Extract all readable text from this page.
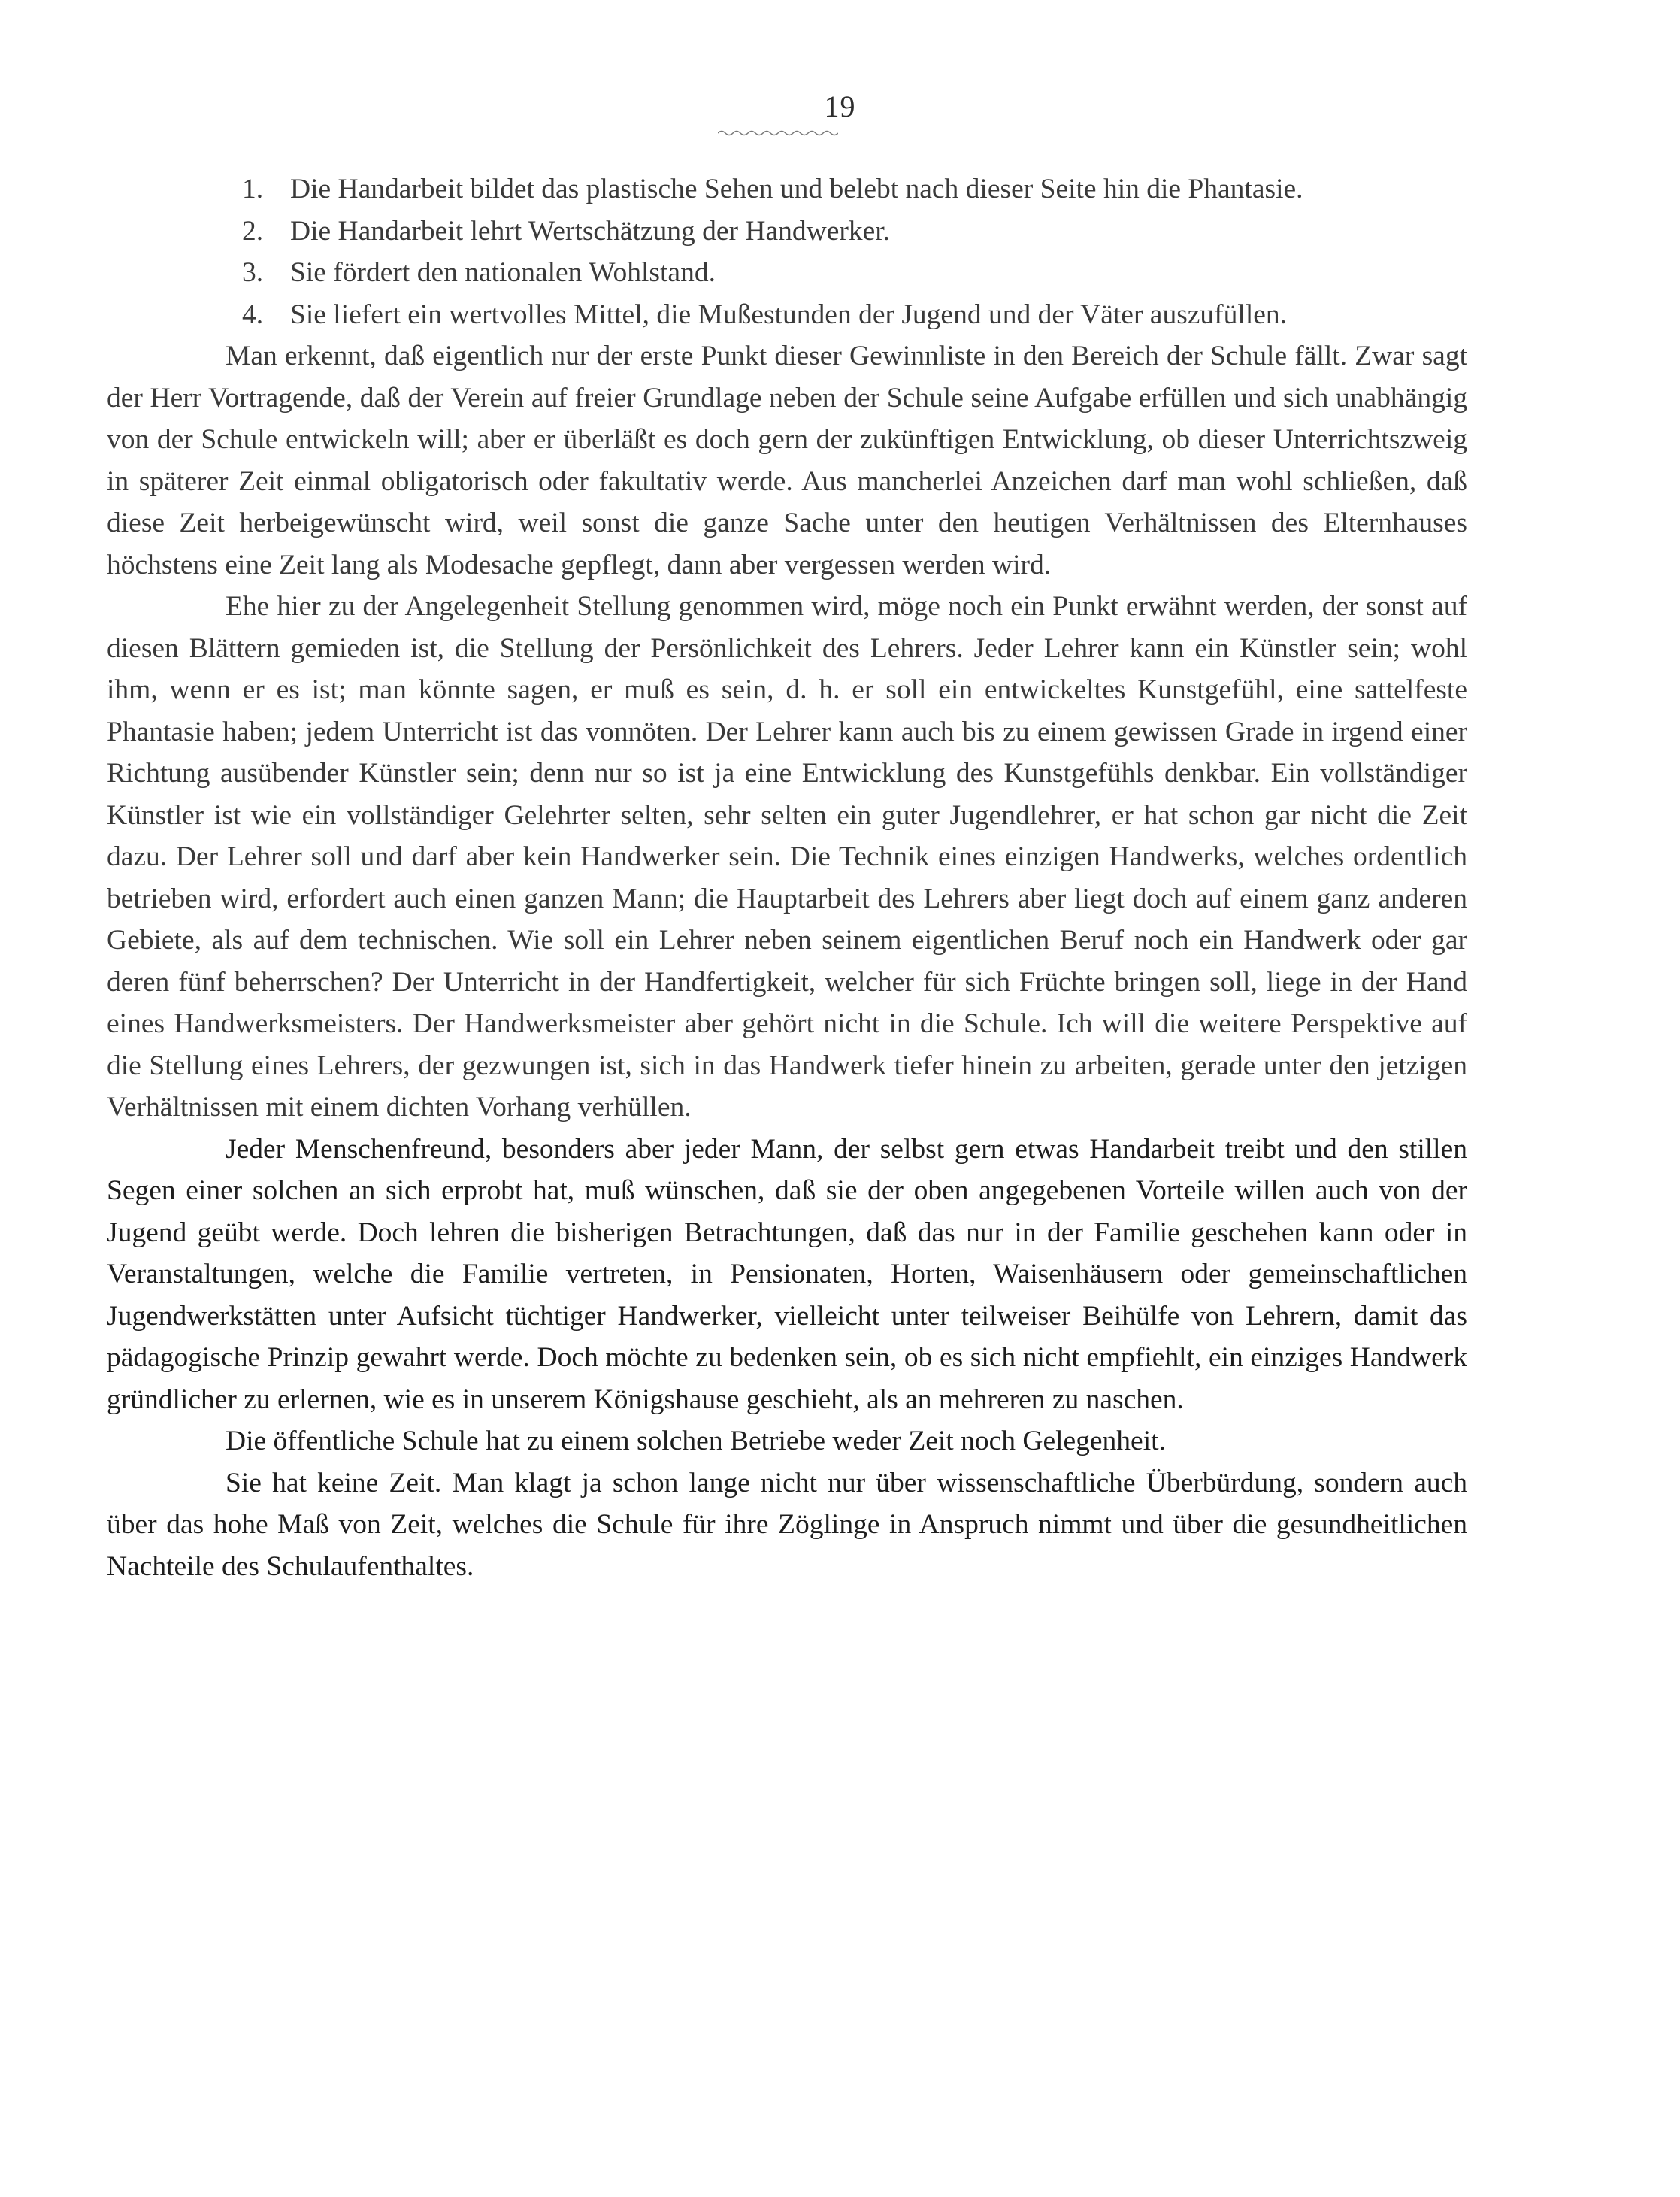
19
1. Die Handarbeit bildet das plastische Sehen und belebt nach dieser Seite hin die Phantasie.
2. Die Handarbeit lehrt Wertschätzung der Handwerker.
3. Sie fördert den nationalen Wohlstand.
4. Sie liefert ein wertvolles Mittel, die Mußestunden der Jugend und der Väter auszufüllen.

Man erkennt, daß eigentlich nur der erste Punkt dieser Gewinnliste in den Bereich der Schule fällt. Zwar sagt der Herr Vortragende, daß der Verein auf freier Grundlage neben der Schule seine Aufgabe erfüllen und sich unabhängig von der Schule entwickeln will; aber er überläßt es doch gern der zukünftigen Entwicklung, ob dieser Unterrichtszweig in späterer Zeit einmal obligatorisch oder fakultativ werde. Aus mancherlei Anzeichen darf man wohl schließen, daß diese Zeit herbeigewünscht wird, weil sonst die ganze Sache unter den heutigen Verhältnissen des Elternhauses höchstens eine Zeit lang als Modesache gepflegt, dann aber vergessen werden wird.

Ehe hier zu der Angelegenheit Stellung genommen wird, möge noch ein Punkt erwähnt werden, der sonst auf diesen Blättern gemieden ist, die Stellung der Persönlichkeit des Lehrers. Jeder Lehrer kann ein Künstler sein; wohl ihm, wenn er es ist; man könnte sagen, er muß es sein, d. h. er soll ein entwickeltes Kunstgefühl, eine sattelfeste Phantasie haben; jedem Unterricht ist das vonnöten. Der Lehrer kann auch bis zu einem gewissen Grade in irgend einer Richtung ausübender Künstler sein; denn nur so ist ja eine Entwicklung des Kunstgefühls denkbar. Ein vollständiger Künstler ist wie ein vollständiger Gelehrter selten, sehr selten ein guter Jugendlehrer, er hat schon gar nicht die Zeit dazu. Der Lehrer soll und darf aber kein Handwerker sein. Die Technik eines einzigen Handwerks, welches ordentlich betrieben wird, erfordert auch einen ganzen Mann; die Hauptarbeit des Lehrers aber liegt doch auf einem ganz anderen Gebiete, als auf dem technischen. Wie soll ein Lehrer neben seinem eigentlichen Beruf noch ein Handwerk oder gar deren fünf beherrschen? Der Unterricht in der Handfertigkeit, welcher für sich Früchte bringen soll, liege in der Hand eines Handwerksmeisters. Der Handwerksmeister aber gehört nicht in die Schule. Ich will die weitere Perspektive auf die Stellung eines Lehrers, der gezwungen ist, sich in das Handwerk tiefer hinein zu arbeiten, gerade unter den jetzigen Verhältnissen mit einem dichten Vorhang verhüllen.

Jeder Menschenfreund, besonders aber jeder Mann, der selbst gern etwas Handarbeit treibt und den stillen Segen einer solchen an sich erprobt hat, muß wünschen, daß sie der oben angegebenen Vorteile willen auch von der Jugend geübt werde. Doch lehren die bisherigen Betrachtungen, daß das nur in der Familie geschehen kann oder in Veranstaltungen, welche die Familie vertreten, in Pensionaten, Horten, Waisenhäusern oder gemeinschaftlichen Jugendwerkstätten unter Aufsicht tüchtiger Handwerker, vielleicht unter teilweiser Beihülfe von Lehrern, damit das pädagogische Prinzip gewahrt werde. Doch möchte zu bedenken sein, ob es sich nicht empfiehlt, ein einziges Handwerk gründlicher zu erlernen, wie es in unserem Königshause geschieht, als an mehreren zu naschen.

Die öffentliche Schule hat zu einem solchen Betriebe weder Zeit noch Gelegenheit.

Sie hat keine Zeit. Man klagt ja schon lange nicht nur über wissenschaftliche Überbürdung, sondern auch über das hohe Maß von Zeit, welches die Schule für ihre Zöglinge in Anspruch nimmt und über die gesundheitlichen Nachteile des Schulaufenthaltes.
